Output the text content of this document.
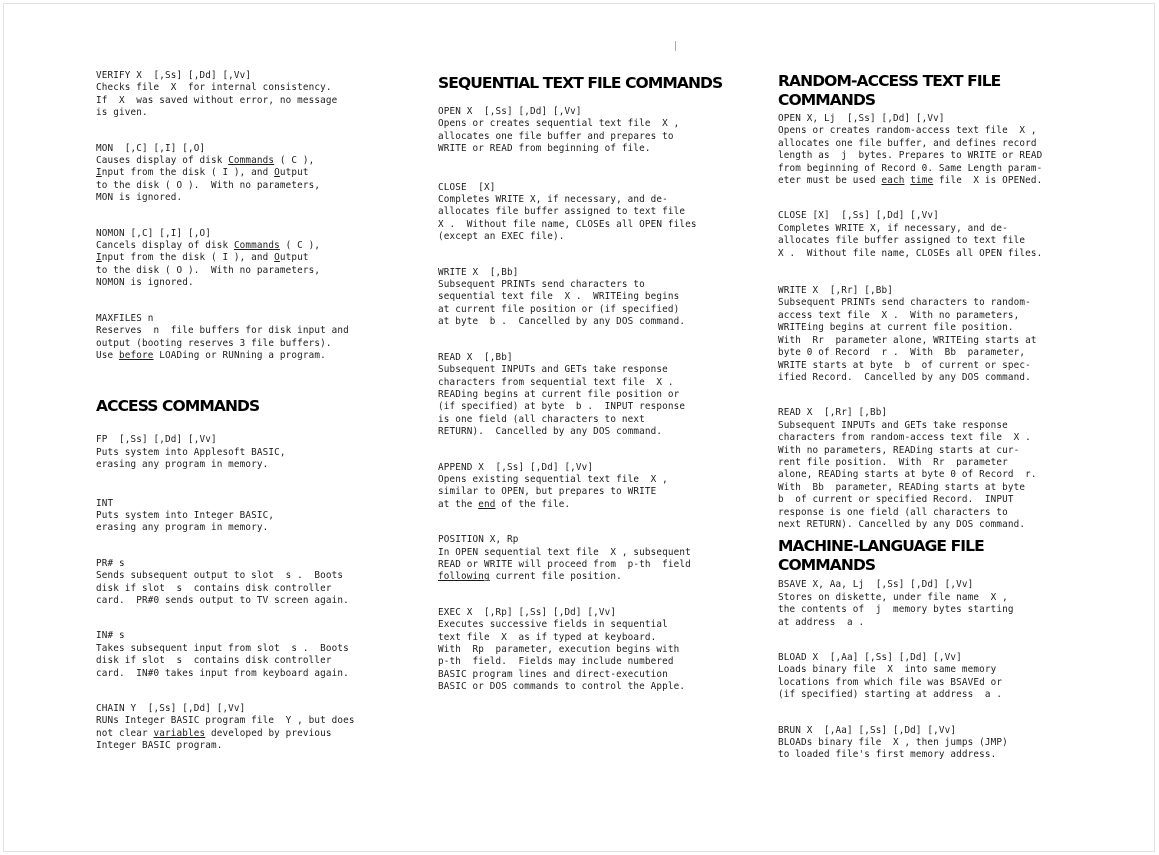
VERIFY X  [,Ss] [,Dd] [,Vv]
Checks file  X  for internal consistency.
If  X  was saved without error, no message
is given.
MON  [,C] [,I] [,O]
Causes display of disk Commands ( C ),
Input from the disk ( I ), and Output
to the disk ( O ).  With no parameters,
MON is ignored.
NOMON [,C] [,I] [,O]
Cancels display of disk Commands ( C ),
Input from the disk ( I ), and Output
to the disk ( O ).  With no parameters,
NOMON is ignored.
MAXFILES n
Reserves  n  file buffers for disk input and
output (booting reserves 3 file buffers).
Use before LOADing or RUNning a program.
ACCESS COMMANDS
FP  [,Ss] [,Dd] [,Vv]
Puts system into Applesoft BASIC,
erasing any program in memory.
INT
Puts system into Integer BASIC,
erasing any program in memory.
PR# s
Sends subsequent output to slot  s .  Boots
disk if slot  s  contains disk controller
card.  PR#0 sends output to TV screen again.
IN# s
Takes subsequent input from slot  s .  Boots
disk if slot  s  contains disk controller
card.  IN#0 takes input from keyboard again.
CHAIN Y  [,Ss] [,Dd] [,Vv]
RUNs Integer BASIC program file  Y , but does
not clear variables developed by previous
Integer BASIC program.
SEQUENTIAL TEXT FILE COMMANDS
OPEN X  [,Ss] [,Dd] [,Vv]
Opens or creates sequential text file  X ,
allocates one file buffer and prepares to
WRITE or READ from beginning of file.
CLOSE  [X]
Completes WRITE X, if necessary, and de-
allocates file buffer assigned to text file
X .  Without file name, CLOSEs all OPEN files
(except an EXEC file).
WRITE X  [,Bb]
Subsequent PRINTs send characters to
sequential text file  X .  WRITEing begins
at current file position or (if specified)
at byte  b .  Cancelled by any DOS command.
READ X  [,Bb]
Subsequent INPUTs and GETs take response
characters from sequential text file  X .
READing begins at current file position or
(if specified) at byte  b .  INPUT response
is one field (all characters to next
RETURN).  Cancelled by any DOS command.
APPEND X  [,Ss] [,Dd] [,Vv]
Opens existing sequential text file  X ,
similar to OPEN, but prepares to WRITE
at the end of the file.
POSITION X, Rp
In OPEN sequential text file  X , subsequent
READ or WRITE will proceed from  p-th  field
following current file position.
EXEC X  [,Rp] [,Ss] [,Dd] [,Vv]
Executes successive fields in sequential
text file  X  as if typed at keyboard.
With  Rp  parameter, execution begins with
p-th  field.  Fields may include numbered
BASIC program lines and direct-execution
BASIC or DOS commands to control the Apple.
RANDOM-ACCESS TEXT FILE
COMMANDS
OPEN X, Lj  [,Ss] [,Dd] [,Vv]
Opens or creates random-access text file  X ,
allocates one file buffer, and defines record
length as  j  bytes. Prepares to WRITE or READ
from beginning of Record 0. Same Length param-
eter must be used each time file  X is OPENed.
CLOSE [X]  [,Ss] [,Dd] [,Vv]
Completes WRITE X, if necessary, and de-
allocates file buffer assigned to text file
X .  Without file name, CLOSEs all OPEN files.
WRITE X  [,Rr] [,Bb]
Subsequent PRINTs send characters to random-
access text file  X .  With no parameters,
WRITEing begins at current file position.
With  Rr  parameter alone, WRITEing starts at
byte 0 of Record  r .  With  Bb  parameter,
WRITE starts at byte  b  of current or spec-
ified Record.  Cancelled by any DOS command.
READ X  [,Rr] [,Bb]
Subsequent INPUTs and GETs take response
characters from random-access text file  X .
With no parameters, READing starts at cur-
rent file position.  With  Rr  parameter
alone, READing starts at byte 0 of Record  r.
With  Bb  parameter, READing starts at byte
b  of current or specified Record.  INPUT
response is one field (all characters to
next RETURN). Cancelled by any DOS command.
MACHINE-LANGUAGE FILE
COMMANDS
BSAVE X, Aa, Lj  [,Ss] [,Dd] [,Vv]
Stores on diskette, under file name  X ,
the contents of  j  memory bytes starting
at address  a .
BLOAD X  [,Aa] [,Ss] [,Dd] [,Vv]
Loads binary file  X  into same memory
locations from which file was BSAVEd or
(if specified) starting at address  a .
BRUN X  [,Aa] [,Ss] [,Dd] [,Vv]
BLOADs binary file  X , then jumps (JMP)
to loaded file's first memory address.
